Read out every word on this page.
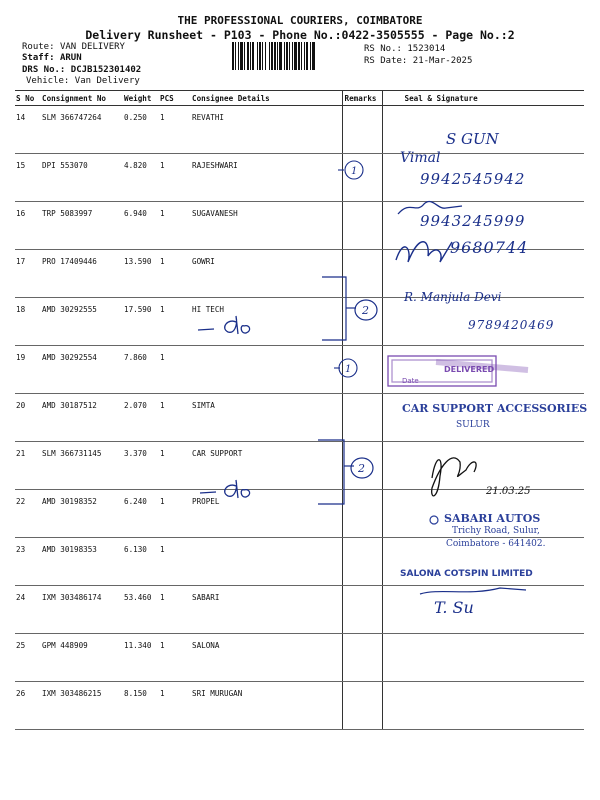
THE PROFESSIONAL COURIERS, COIMBATORE
Delivery Runsheet - P103 - Phone No.:0422-3505555 - Page No.:2
Route: VAN DELIVERY
Staff: ARUN
DRS No.: DCJB152301402
Vehicle: Van Delivery
RS No.: 1523014
RS Date: 21-Mar-2025
S No	Consignment No	Weight	PCS	Consignee Details	Remarks	Seal & Signature
14	SLM 366747264	0.250	1	REVATHI		
15	DPI 553070	4.820	1	RAJESHWARI		
16	TRP 5083997	6.940	1	SUGAVANESH		
17	PRO 17409446	13.590	1	GOWRI		
18	AMD 30292555	17.590	1	HI TECH		
19	AMD 30292554	7.860	1			
20	AMD 30187512	2.070	1	SIMTA		
21	SLM 366731145	3.370	1	CAR SUPPORT		
22	AMD 30198352	6.240	1	PROPEL		
23	AMD 30198353	6.130	1			
24	IXM 303486174	53.460	1	SABARI		
25	GPM 448909	11.340	1	SALONA		
26	IXM 303486215	8.150	1	SRI MURUGAN		
1
1
2
2
DELIVERED
Date
S GUN
Vimal
9942545942
9943245999
9680744
R. Manjula Devi
9789420469
21.03.25
T. Su
CAR SUPPORT ACCESSORIES
SULUR
SABARI AUTOS
Trichy Road, Sulur,
Coimbatore - 641402.
SALONA COTSPIN LIMITED
